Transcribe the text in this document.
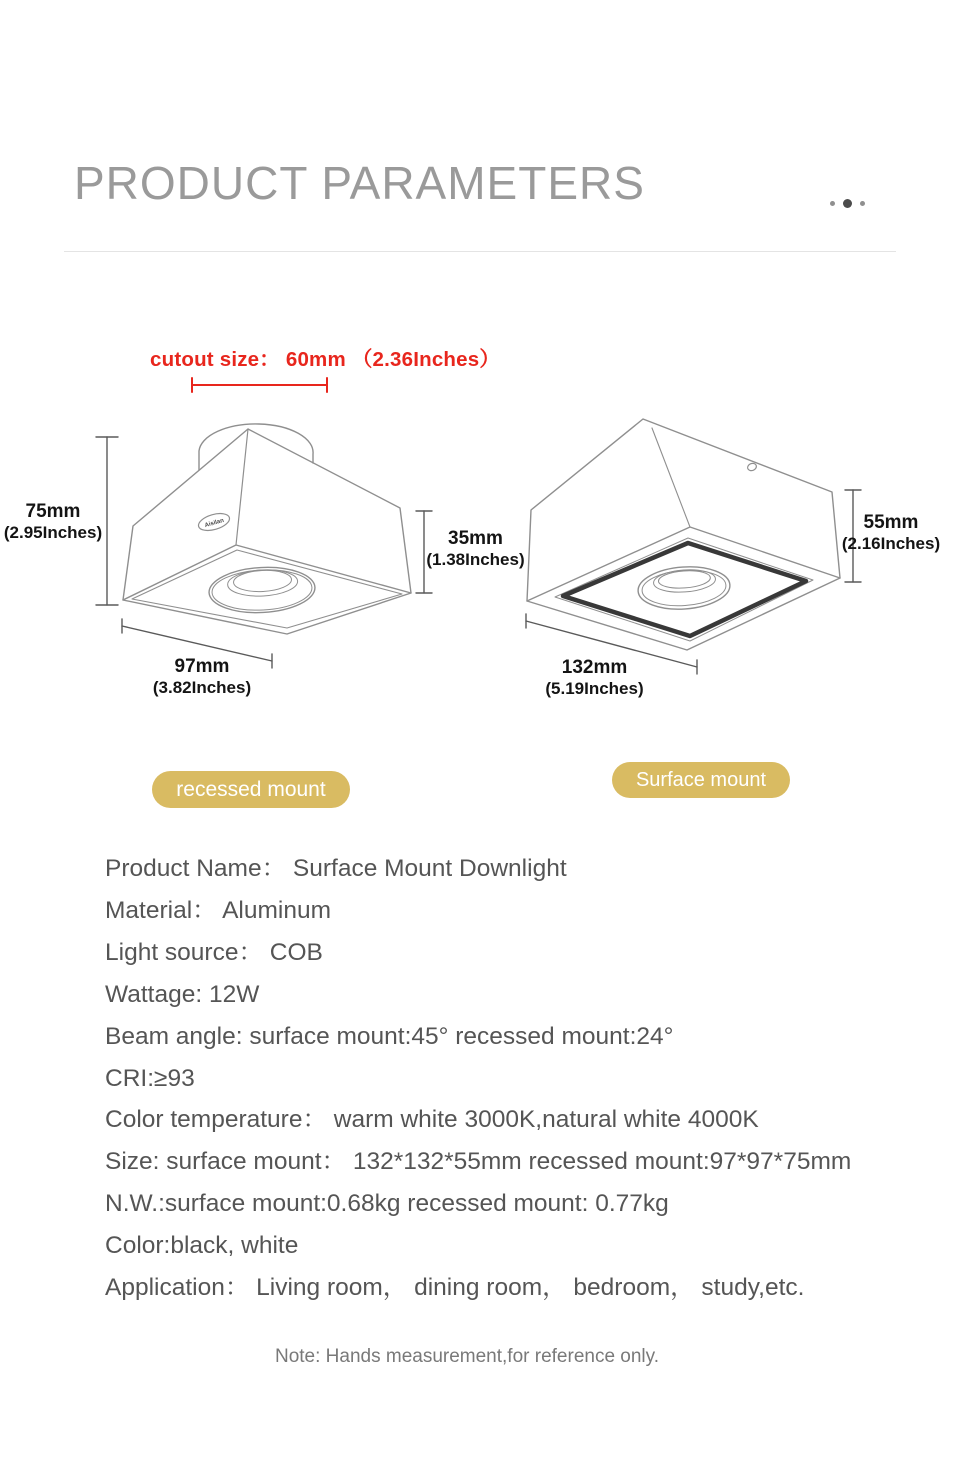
PRODUCT PARAMETERS
Aisilan
cutout size： 60mm （2.36Inches）
75mm
(2.95Inches)	35mm
(1.38Inches)
55mm
(2.16Inches)
97mm
(3.82Inches)
132mm
(5.19Inches)
recessed mount	Surface mount
Product Name： Surface Mount Downlight
Material： Aluminum
Light source： COB
Wattage: 12W
Beam angle: surface mount:45° recessed mount:24°
CRI:≥93
Color temperature： warm white 3000K,natural white 4000K
Size: surface mount： 132*132*55mm recessed mount:97*97*75mm
N.W.:surface mount:0.68kg recessed mount: 0.77kg
Color:black, white
Application： Living room， dining room， bedroom， study,etc.
Note: Hands measurement,for reference only.
